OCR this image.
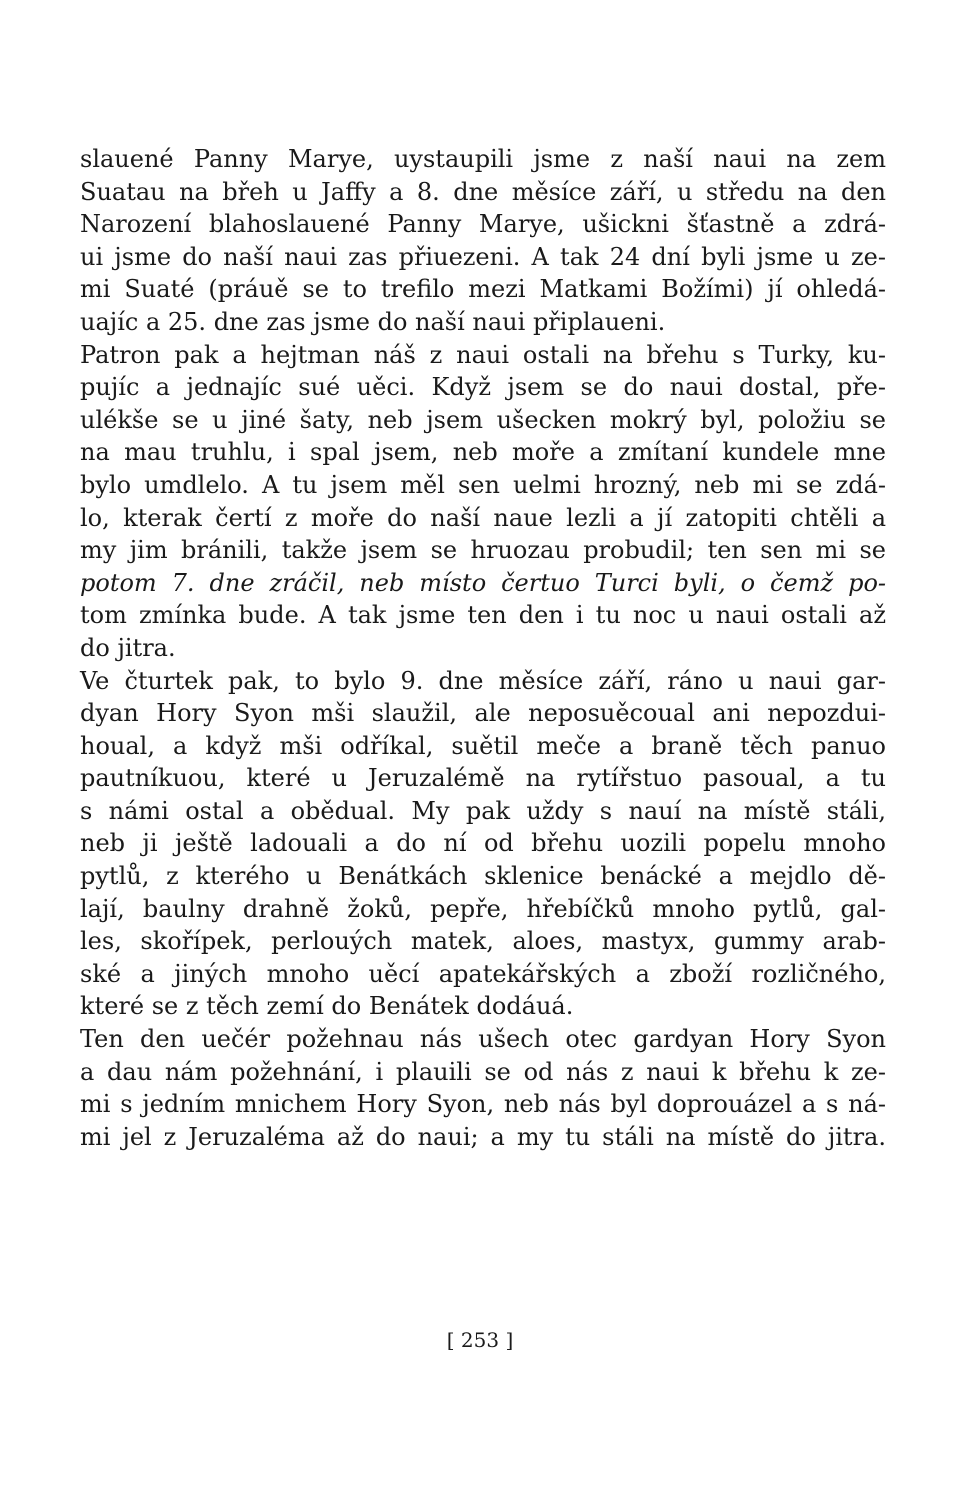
slauené Panny Marye, uystaupili jsme z naší naui na zem
Suatau na břeh u Jaffy a 8. dne měsíce září, u středu na den
Narození blahoslauené Panny Marye, ušickni šťastně a zdrá-
ui jsme do naší naui zas přiuezeni. A tak 24 dní byli jsme u ze-
mi Suaté (práuě se to trefilo mezi Matkami Božími) jí ohledá-
uajíc a 25. dne zas jsme do naší naui připlaueni.
Patron pak a hejtman náš z naui ostali na břehu s Turky, ku-
pujíc a jednajíc sué uěci. Když jsem se do naui dostal, pře-
ulékše se u jiné šaty, neb jsem ušecken mokrý byl, položiu se
na mau truhlu, i spal jsem, neb moře a zmítaní kundele mne
bylo umdlelo. A tu jsem měl sen uelmi hrozný, neb mi se zdá-
lo, kterak čertí z moře do naší naue lezli a jí zatopiti chtěli a
my jim bránili, takže jsem se hruozau probudil; ten sen mi se
potom 7. dne zráčil, neb místo čertuo Turci byli, o čemž po-
tom zmínka bude. A tak jsme ten den i tu noc u naui ostali až
do jitra.
Ve čturtek pak, to bylo 9. dne měsíce září, ráno u naui gar-
dyan Hory Syon mši slaužil, ale neposuěcoual ani nepozdui-
houal, a když mši odříkal, suětil meče a braně těch panuo
pautníkuou, které u Jeruzalémě na rytířstuo pasoual, a tu
s námi ostal a obědual. My pak uždy s nauí na místě stáli,
neb ji ještě ladouali a do ní od břehu uozili popelu mnoho
pytlů, z kterého u Benátkách sklenice benácké a mejdlo dě-
lají, baulny drahně žoků, pepře, hřebíčků mnoho pytlů, gal-
les, skořípek, perlouých matek, aloes, mastyx, gummy arab-
ské a jiných mnoho uěcí apatekářských a zboží rozličného,
které se z těch zemí do Benátek dodáuá.
Ten den uečér požehnau nás ušech otec gardyan Hory Syon
a dau nám požehnání, i plauili se od nás z naui k břehu k ze-
mi s jedním mnichem Hory Syon, neb nás byl doprouázel a s ná-
mi jel z Jeruzaléma až do naui; a my tu stáli na místě do jitra.
[ 253 ]
